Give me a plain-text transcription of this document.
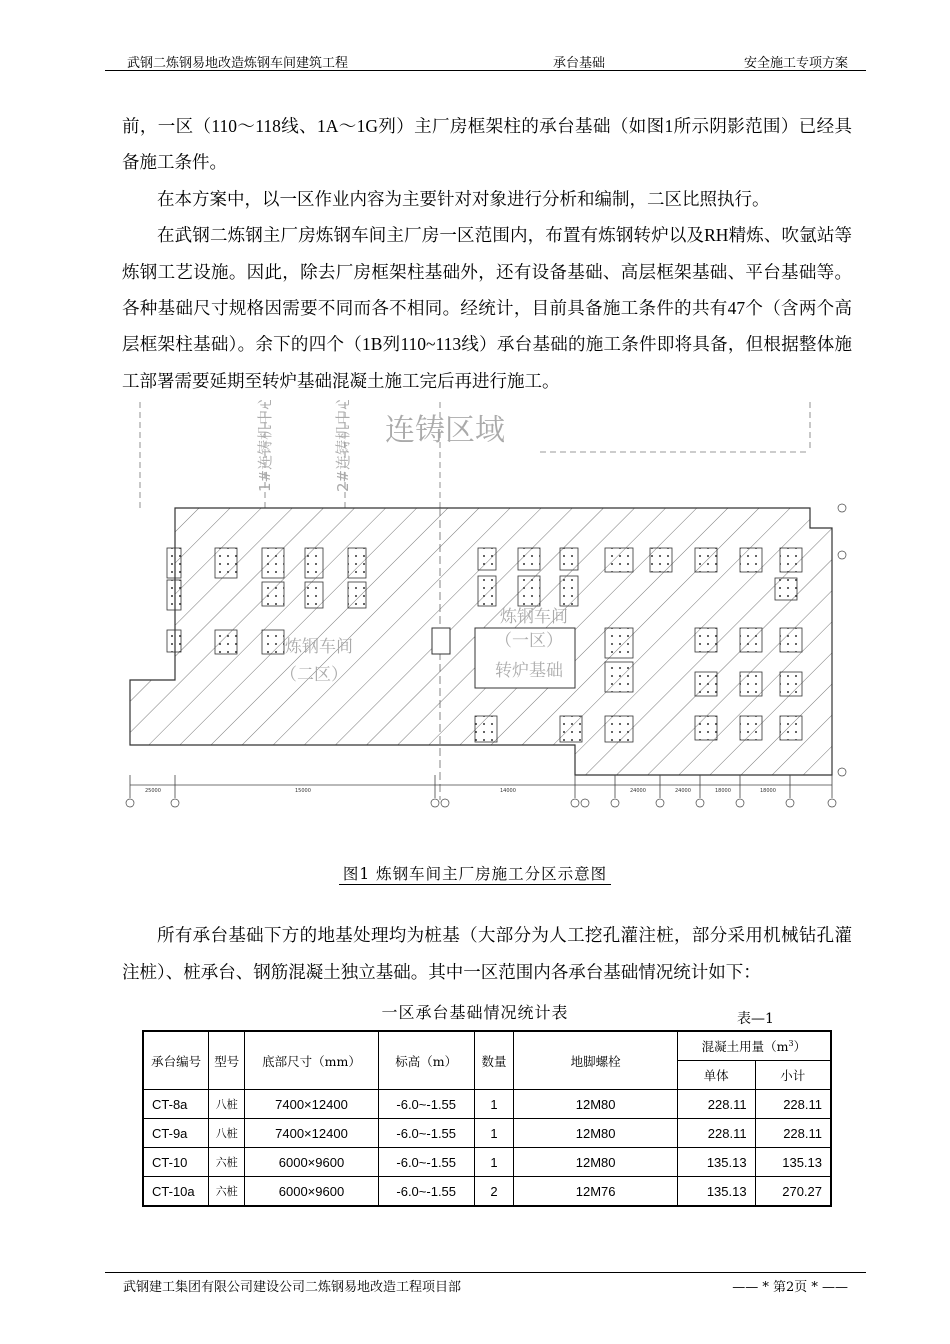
武钢二炼钢易地改造炼钢车间建筑工程	承台基础	安全施工专项方案

前，一区（110～118线、1A～1G列）主厂房框架柱的承台基础（如图1所示阴影范围）已经具备施工条件。

在本方案中，以一区作业内容为主要针对对象进行分析和编制，二区比照执行。

在武钢二炼钢主厂房炼钢车间主厂房一区范围内，布置有炼钢转炉以及RH精炼、吹氩站等炼钢工艺设施。因此，除去厂房框架柱基础外，还有设备基础、高层框架基础、平台基础等。各种基础尺寸规格因需要不同而各不相同。经统计，目前具备施工条件的共有47个（含两个高层框架柱基础）。余下的四个（1B列110~113线）承台基础的施工条件即将具备，但根据整体施工部署需要延期至转炉基础混凝土施工完后再进行施工。

连铸区域
1#连铸机中心	2#连铸机中心
炼钢车间
（二区）
炼钢车间
（一区）
转炉基础
25000	15000	14000	24000	24000	18000	18000
图1 炼钢车间主厂房施工分区示意图

所有承台基础下方的地基处理均为桩基（大部分为人工挖孔灌注桩，部分采用机械钻孔灌注桩）、桩承台、钢筋混凝土独立基础。其中一区范围内各承台基础情况统计如下：

一区承台基础情况统计表	表—1
承台编号	型号	底部尺寸（mm）	标高（m）	数量	地脚螺栓	混凝土用量$(m^3)$	
						单体	小计
CT-8a	八桩	7400×12400	-6.0~-1.55	1	12M80	228.11	228.11
CT-9a	八桩	7400×12400	-6.0~-1.55	1	12M80	228.11	228.11
CT-10	六桩	6000×9600	-6.0~-1.55	1	12M80	135.13	135.13
CT-10a	六桩	6000×9600	-6.0~-1.55	2	12M76	135.13	270.27
武钢建工集团有限公司建设公司二炼钢易地改造工程项目部	—— * 第2页 * ——
